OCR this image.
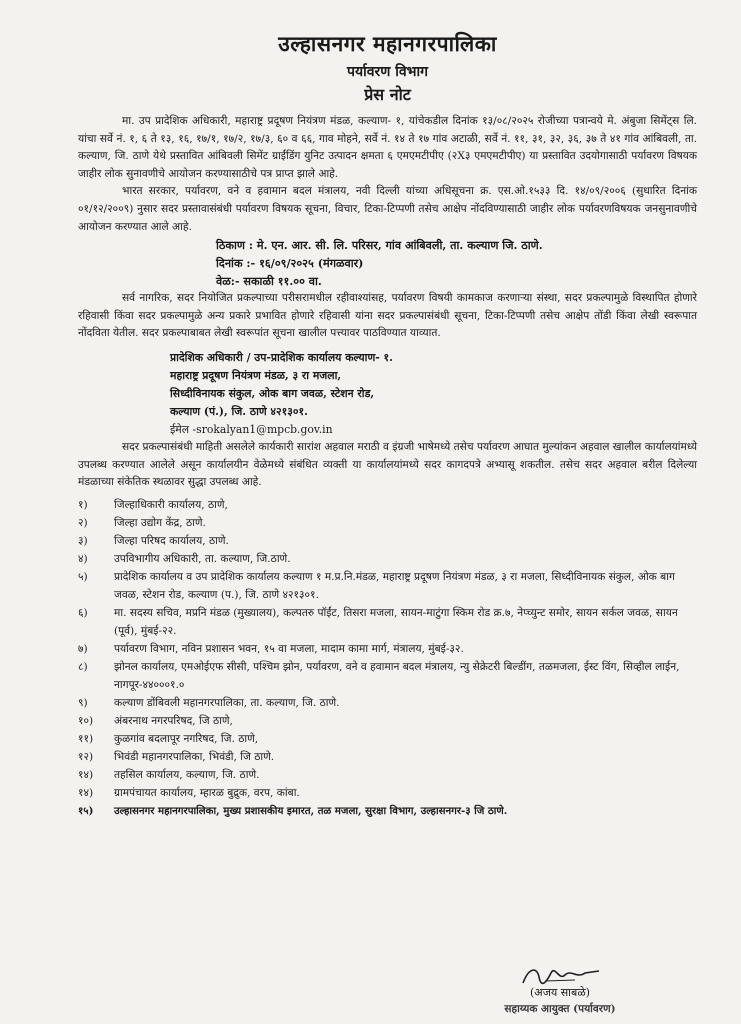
उल्हासनगर महानगरपालिका
पर्यावरण विभाग
प्रेस नोट

मा. उप प्रादेशिक अधिकारी, महाराष्ट्र प्रदूषण नियंत्रण मंडळ, कल्याण- १, यांचेकडील दिनांक १३/०८/२०२५ रोजीच्या पत्रान्वये मे. अंबुजा सिमेंट्स लि. यांचा सर्वे नं. १, ६ ते १३, १६, १७/१, १७/२, १७/३, ६० व ६६, गाव मोहने, सर्वे नं. १४ ते १७ गांव अटाळी, सर्वे नं. ११, ३१, ३२, ३६, ३७ ते ४१ गांव आंबिवली, ता. कल्याण, जि. ठाणे येथे प्रस्तावित आंबिवली सिमेंट ग्राईंडिंग युनिट उत्पादन क्षमता ६ एमएमटीपीए (२X३ एमएमटीपीए) या प्रस्तावित उदयोगासाठी पर्यावरण विषयक जाहीर लोक सुनावणीचे आयोजन करण्यासाठीचे पत्र प्राप्त झाले आहे.

भारत सरकार, पर्यावरण, वने व हवामान बदल मंत्रालय, नवी दिल्ली यांच्या अधिसूचना क्र. एस.ओ.१५३३ दि. १४/०९/२००६ (सुधारित दिनांक ०१/१२/२००९) नुसार सदर प्रस्तावासंबंधी पर्यावरण विषयक सूचना, विचार, टिका-टिप्पणी तसेच आक्षेप नोंदविण्यासाठी जाहीर लोक पर्यावरणविषयक जनसुनावणीचे आयोजन करण्यात आले आहे.

ठिकाण : मे. एन. आर. सी. लि. परिसर, गांव आंबिवली, ता. कल्याण जि. ठाणे.
दिनांक :- १६/०९/२०२५ (मंगळवार)
वेळ:- सकाळी ११.०० वा.

सर्व नागरिक, सदर नियोजित प्रकल्पाच्या परीसरामधील रहीवाश्यांसह, पर्यावरण विषयी कामकाज करणाऱ्या संस्था, सदर प्रकल्पामुळे विस्थापित होणारे रहिवासी किंवा सदर प्रकल्पामुळे अन्य प्रकारे प्रभावित होणारे रहिवासी यांना सदर प्रकल्पासंबंधी सूचना, टिका-टिप्पणी तसेच आक्षेप तोंडी किंवा लेखी स्वरूपात नोंदविता येतील. सदर प्रकल्पाबाबत लेखी स्वरूपांत सूचना खालील पत्त्यावर पाठविण्यात याव्यात.

प्रादेशिक अधिकारी / उप-प्रादेशिक कार्यालय कल्याण- १.
महाराष्ट्र प्रदूषण नियंत्रण मंडळ, ३ रा मजला,
सिध्दीविनायक संकुल, ओक बाग जवळ, स्टेशन रोड,
कल्याण (पं.), जि. ठाणे ४२१३०१.
ईमेल -srokalyan1@mpcb.gov.in

सदर प्रकल्पासंबंधी माहिती असलेले कार्यकारी सारांश अहवाल मराठी व इंग्रजी भाषेमध्ये तसेच पर्यावरण आघात मुल्यांकन अहवाल खालील कार्यालयांमध्ये उपलब्ध करण्यात आलेले असून कार्यालयीन वेळेमध्ये संबंधित व्यक्ती या कार्यालयांमध्ये सदर कागदपत्रे अभ्यासू शकतील. तसेच सदर अहवाल बरील दिलेल्या मंडळाच्या संकेतिक स्थळावर सुद्धा उपलब्ध आहे.

१) जिल्हाधिकारी कार्यालय, ठाणे,
२) जिल्हा उद्योग केंद्र, ठाणे.
३) जिल्हा परिषद कार्यालय, ठाणे.
४) उपविभागीय अधिकारी, ता. कल्याण, जि.ठाणे.
५) प्रादेशिक कार्यालय व उप प्रादेशिक कार्यालय कल्याण १ म.प्र.नि.मंडळ, महाराष्ट्र प्रदूषण नियंत्रण मंडळ, ३ रा मजला, सिध्दीविनायक संकुल, ओक बाग जवळ, स्टेशन रोड, कल्याण (प.), जि. ठाणे ४२१३०१.
६) मा. सदस्य सचिव, मप्रनि मंडळ (मुख्यालय), कल्पतरु पॉईंट, तिसरा मजला, सायन-माटुंगा स्किम रोड क्र.७, नेप्च्युन्ट समोर, सायन सर्कल जवळ, सायन (पूर्व), मुंबई-२२.
७) पर्यावरण विभाग, नविन प्रशासन भवन, १५ वा मजला, मादाम कामा मार्ग, मंत्रालय, मुंबई-३२.
८) झोनल कार्यालय, एमओईएफ सीसी, पश्चिम झोन, पर्यावरण, वने व हवामान बदल मंत्रालय, न्यु सेक्रेटरी बिल्डींग, तळमजला, ईस्ट विंग, सिव्हील लाईन, नागपूर-४४०००१.०
९) कल्याण डोंबिवली महानगरपालिका, ता. कल्याण, जि. ठाणे.
१०) अंबरनाथ नगरपरिषद, जि ठाणे,
११) कुळगांव बदलापूर नगरिषद, जि. ठाणे,
१२) भिवंडी महानगरपालिका, भिवंडी, जि ठाणे.
१४) तहसिल कार्यालय, कल्याण, जि. ठाणे.
१४) ग्रामपंचायत कार्यालय, म्हारळ बुद्रुक, वरप, कांबा.
१५) उल्हासनगर महानगरपालिका, मुख्य प्रशासकीय इमारत, तळ मजला, सुरक्षा विभाग, उल्हासनगर-३ जि ठाणे.
(अजय साबळे)
सहाय्यक आयुक्त (पर्यावरण)
